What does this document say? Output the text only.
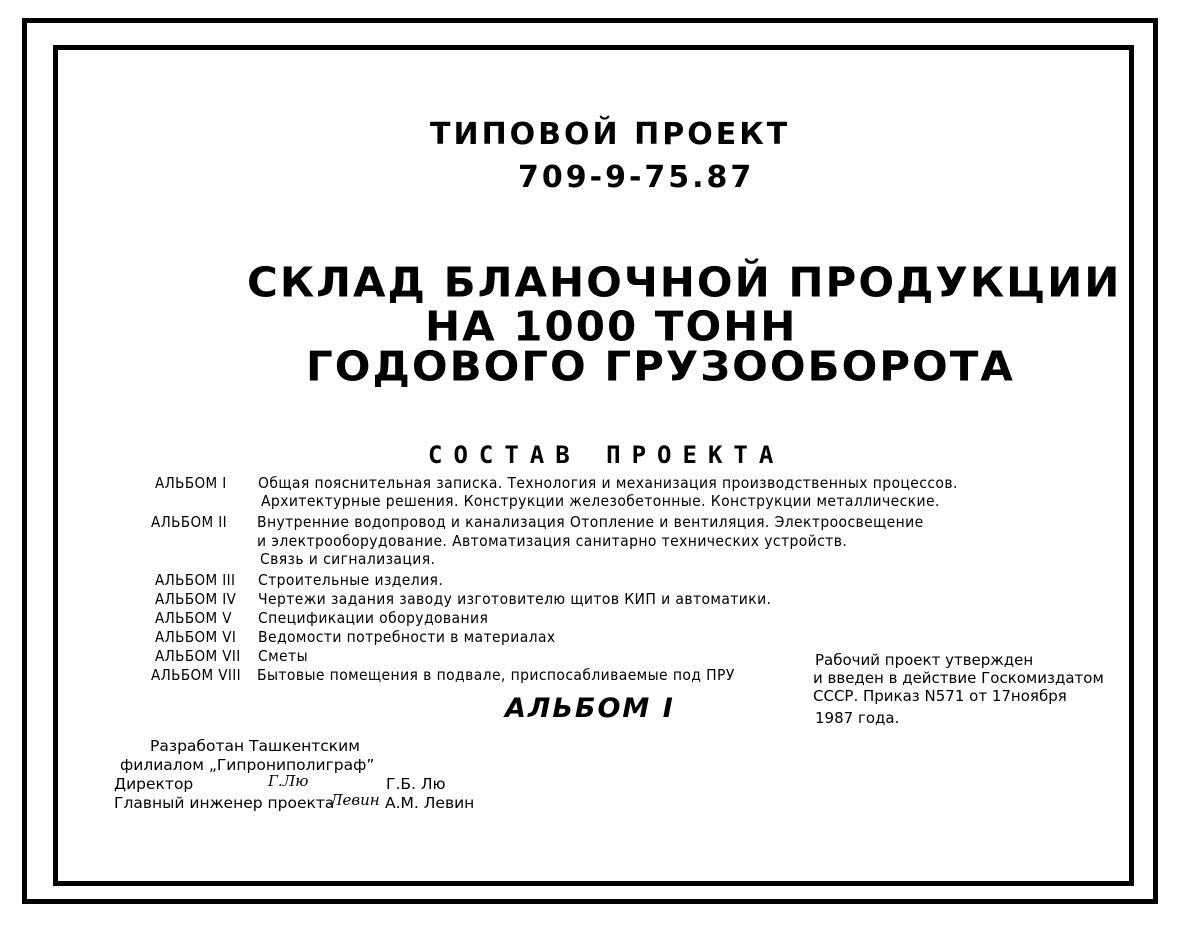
ТИПОВОЙ ПРОЕКТ
709-9-75.87
СКЛАД БЛАНОЧНОЙ ПРОДУКЦИИ
НА 1000 ТОНН
ГОДОВОГО ГРУЗООБОРОТА
СОСТАВ ПРОЕКТА
АЛЬБОМ I Общая пояснительная записка. Технология и механизация производственных процессов.
Архитектурные решения. Конструкции железобетонные. Конструкции металлические.
АЛЬБОМ II Внутренние водопровод и канализация Отопление и вентиляция. Электроосвещение
и электрооборудование. Автоматизация санитарно технических устройств.
Связь и сигнализация.
АЛЬБОМ III Строительные изделия.
АЛЬБОМ IV Чертежи задания заводу изготовителю щитов КИП и автоматики.
АЛЬБОМ V Спецификации оборудования
АЛЬБОМ VI Ведомости потребности в материалах
АЛЬБОМ VII Сметы
АЛЬБОМ VIII Бытовые помещения в подвале, приспосабливаемые под ПРУ
Рабочий проект утвержден
и введен в действие Госкомиздатом
СССР. Приказ N571 от 17ноября
1987 года.
АЛЬБОМ I
Разработан Ташкентским
филиалом „Гипрониполиграф”
Директор	Г.Лю	Г.Б. Лю
Главный инженер проекта
Левин А.М. Левин
